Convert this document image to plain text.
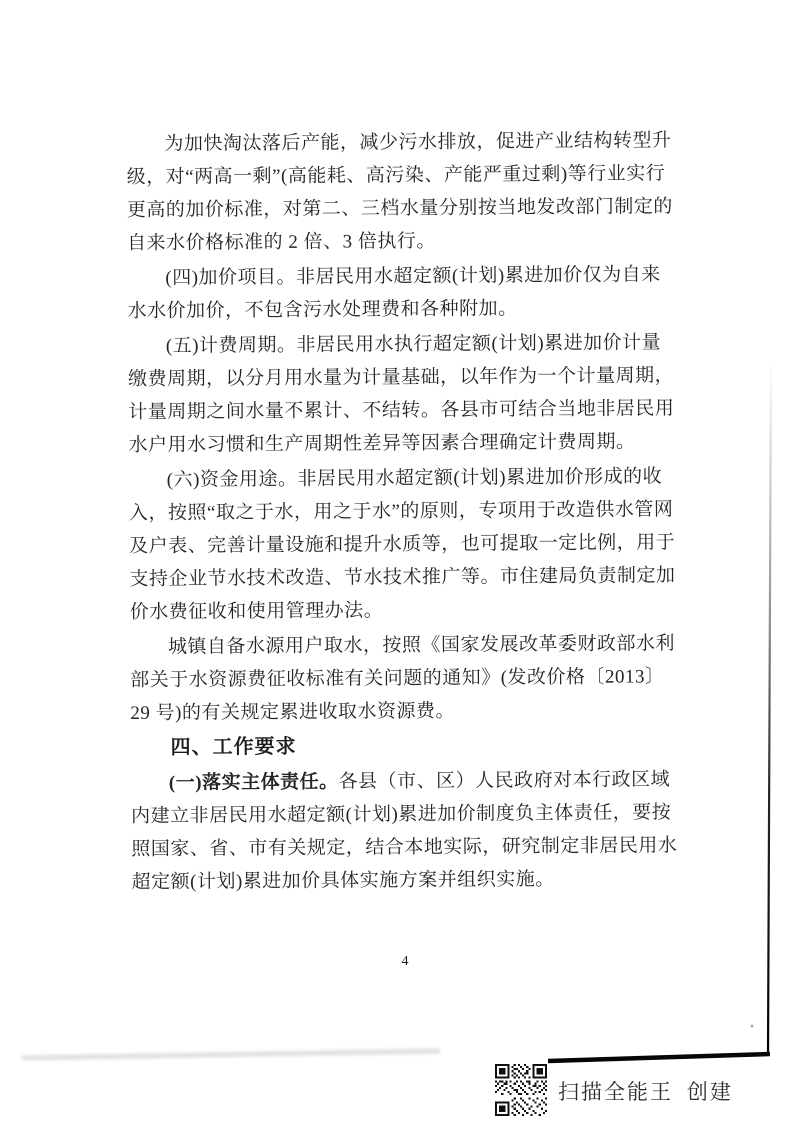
为加快淘汰落后产能，减少污水排放，促进产业结构转型升
级，对“两高一剩”(高能耗、高污染、产能严重过剩)等行业实行
更高的加价标准，对第二、三档水量分别按当地发改部门制定的
自来水价格标准的 2 倍、3 倍执行。

(四)加价项目。非居民用水超定额(计划)累进加价仅为自来
水水价加价，不包含污水处理费和各种附加。

(五)计费周期。非居民用水执行超定额(计划)累进加价计量
缴费周期，以分月用水量为计量基础，以年作为一个计量周期，
计量周期之间水量不累计、不结转。各县市可结合当地非居民用
水户用水习惯和生产周期性差异等因素合理确定计费周期。

(六)资金用途。非居民用水超定额(计划)累进加价形成的收
入，按照“取之于水，用之于水”的原则，专项用于改造供水管网
及户表、完善计量设施和提升水质等，也可提取一定比例，用于
支持企业节水技术改造、节水技术推广等。市住建局负责制定加
价水费征收和使用管理办法。

城镇自备水源用户取水，按照《国家发展改革委财政部水利
部关于水资源费征收标准有关问题的通知》(发改价格〔2013〕
29 号)的有关规定累进收取水资源费。

四、工作要求

(一)落实主体责任。各县（市、区）人民政府对本行政区域
内建立非居民用水超定额(计划)累进加价制度负主体责任，要按
照国家、省、市有关规定，结合本地实际，研究制定非居民用水
超定额(计划)累进加价具体实施方案并组织实施。

4
扫描全能王 创建
